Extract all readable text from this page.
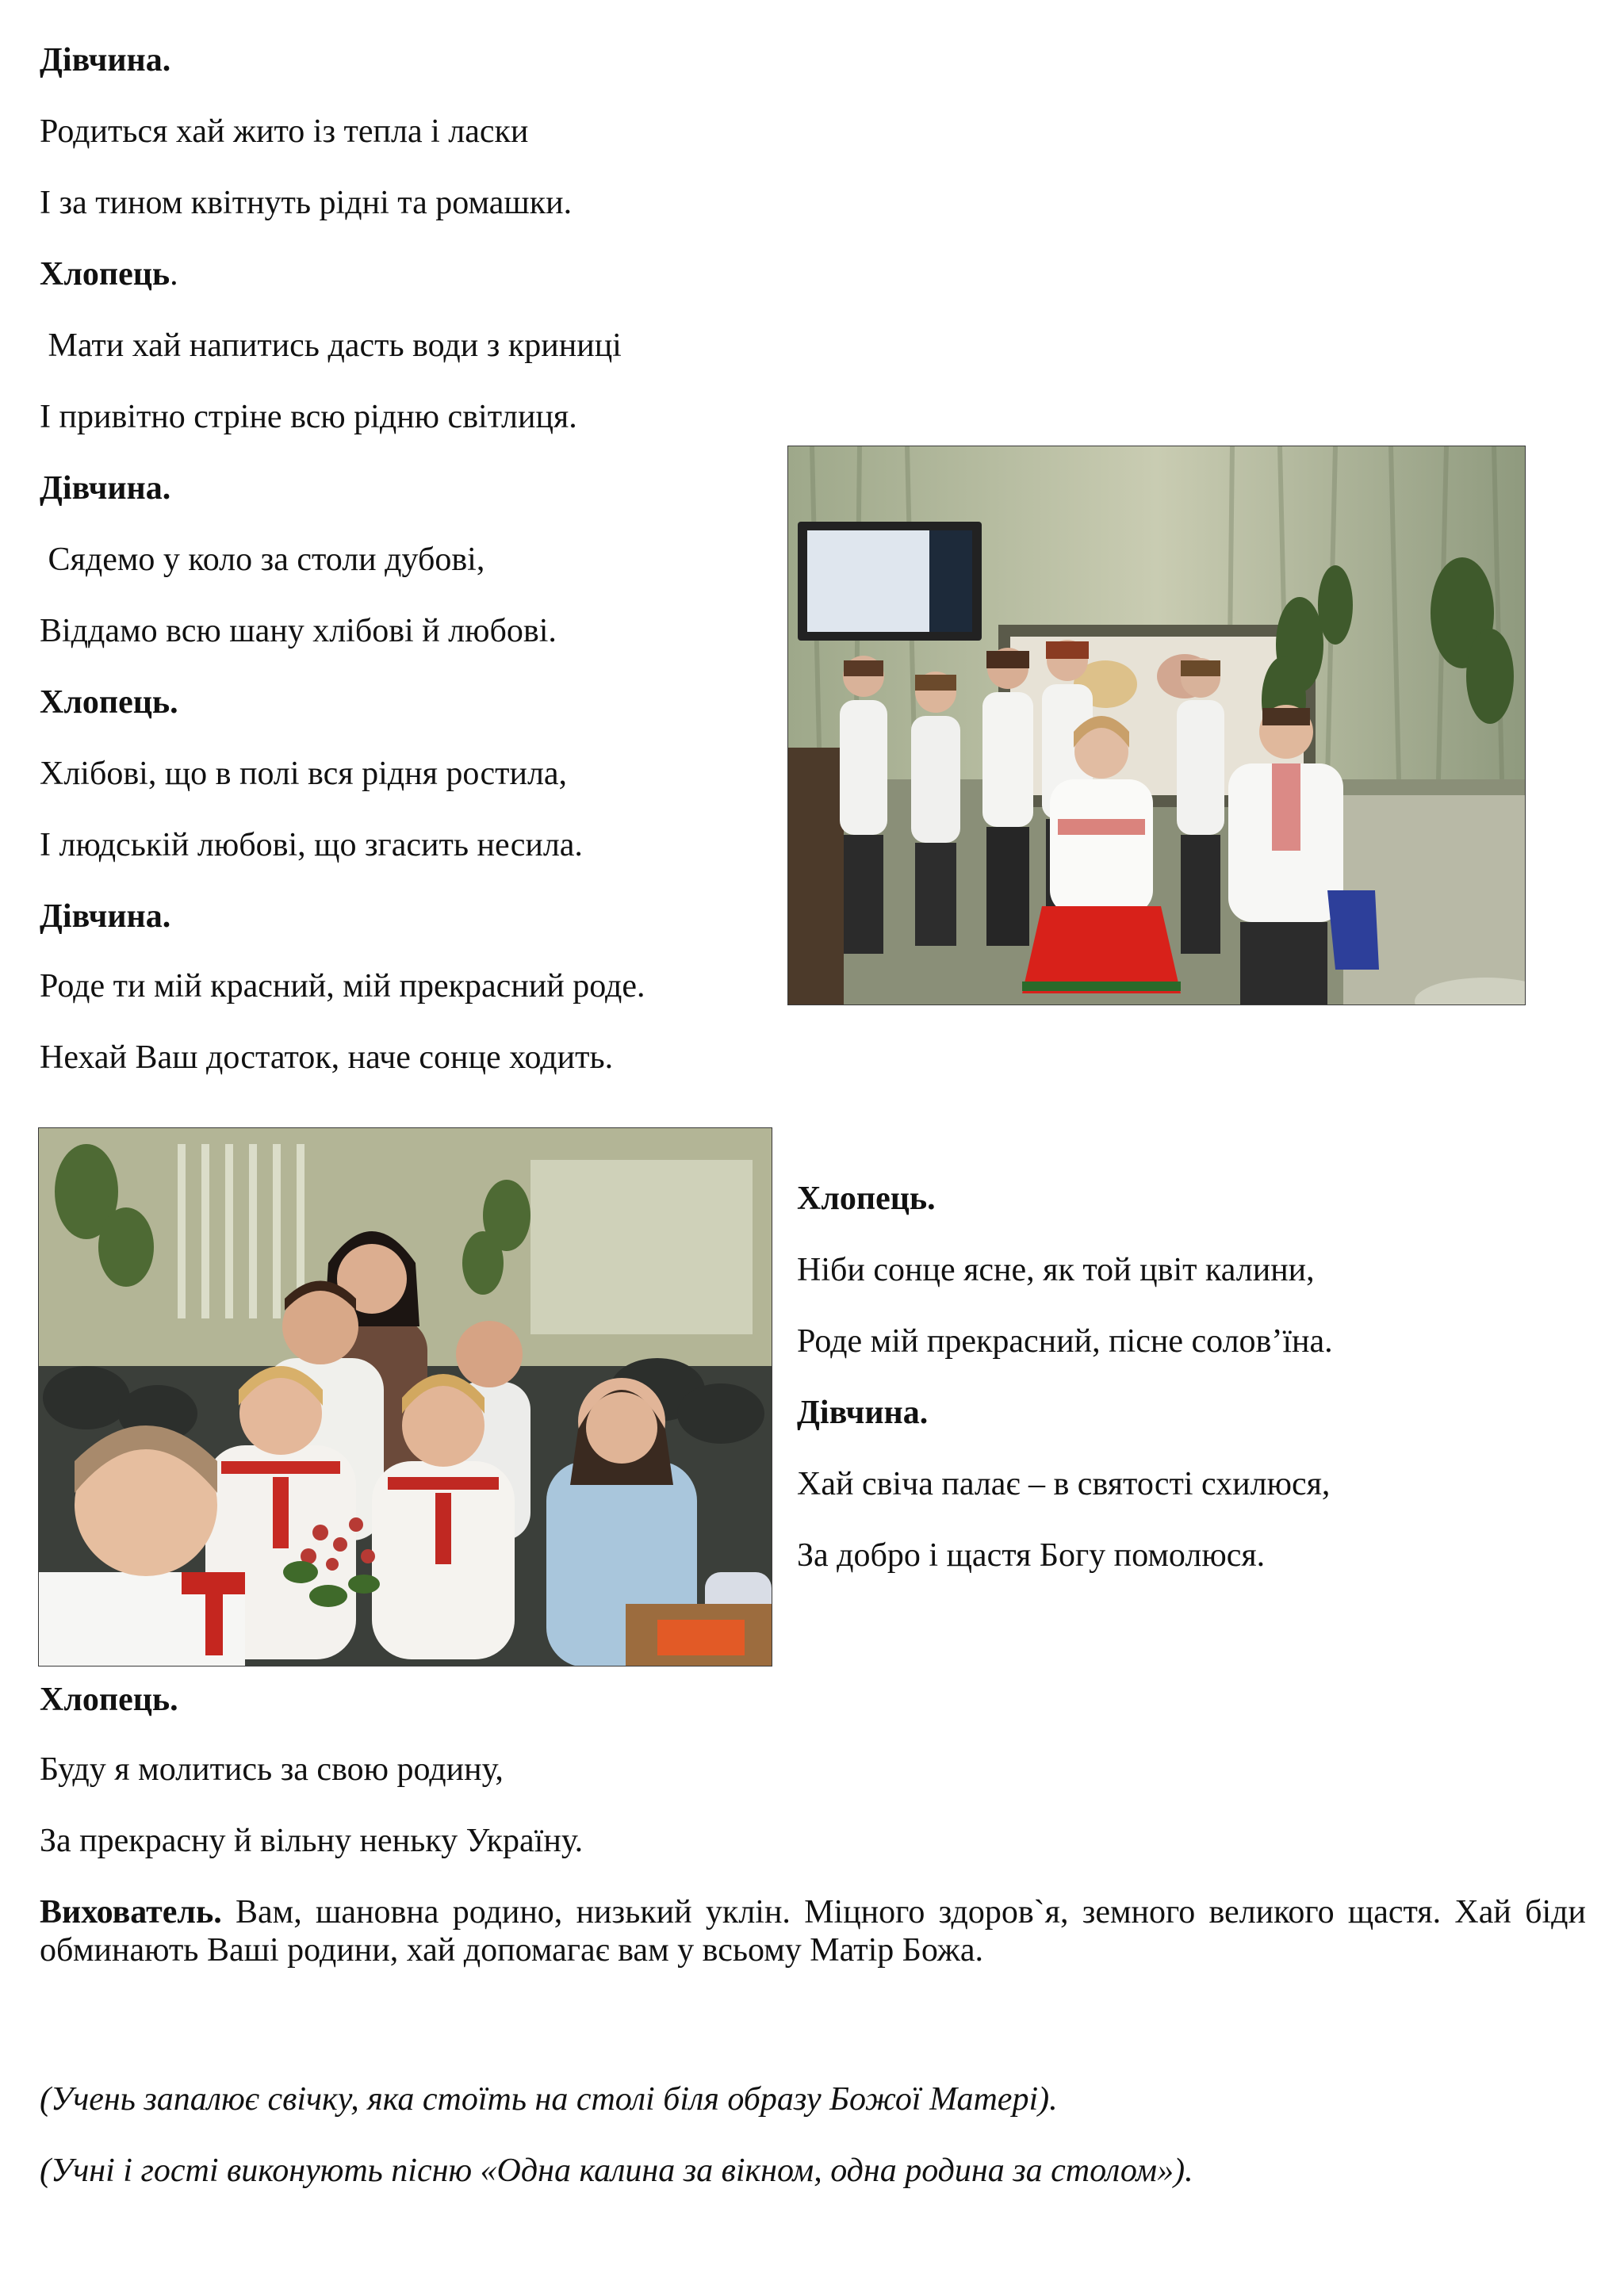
Дівчина.
Родиться хай жито із тепла і ласки
І за тином квітнуть рідні та ромашки.
Хлопець.
Мати хай напитись дасть води з криниці
І привітно стріне всю рідню світлиця.
Дівчина.
Сядемо у коло за столи дубові,
Віддамо всю шану хлібові й любові.
Хлопець.
Хлібові, що в полі вся рідня ростила,
І людській любові, що згасить несила.
Дівчина.
Роде ти мій красний, мій прекрасний роде.
Нехай Ваш достаток, наче сонце ходить.
Хлопець.
Ніби сонце ясне, як той цвіт калини,
Роде мій прекрасний, пісне солов’їна.
Дівчина.
Хай свіча палає – в святості схилюся,
За добро і щастя Богу помолюся.
Хлопець.
Буду я молитись за свою родину,
За прекрасну й вільну неньку Україну.
Вихователь. Вам, шановна родино, низький уклін. Міцного здоров`я, земного великого щастя. Хай біди обминають Ваші родини, хай допомагає вам у всьому Матір Божа.
(Учень запалює свічку, яка стоїть на столі біля образу Божої Матері).
(Учні і гості виконують пісню «Одна калина за вікном, одна родина за столом»).
